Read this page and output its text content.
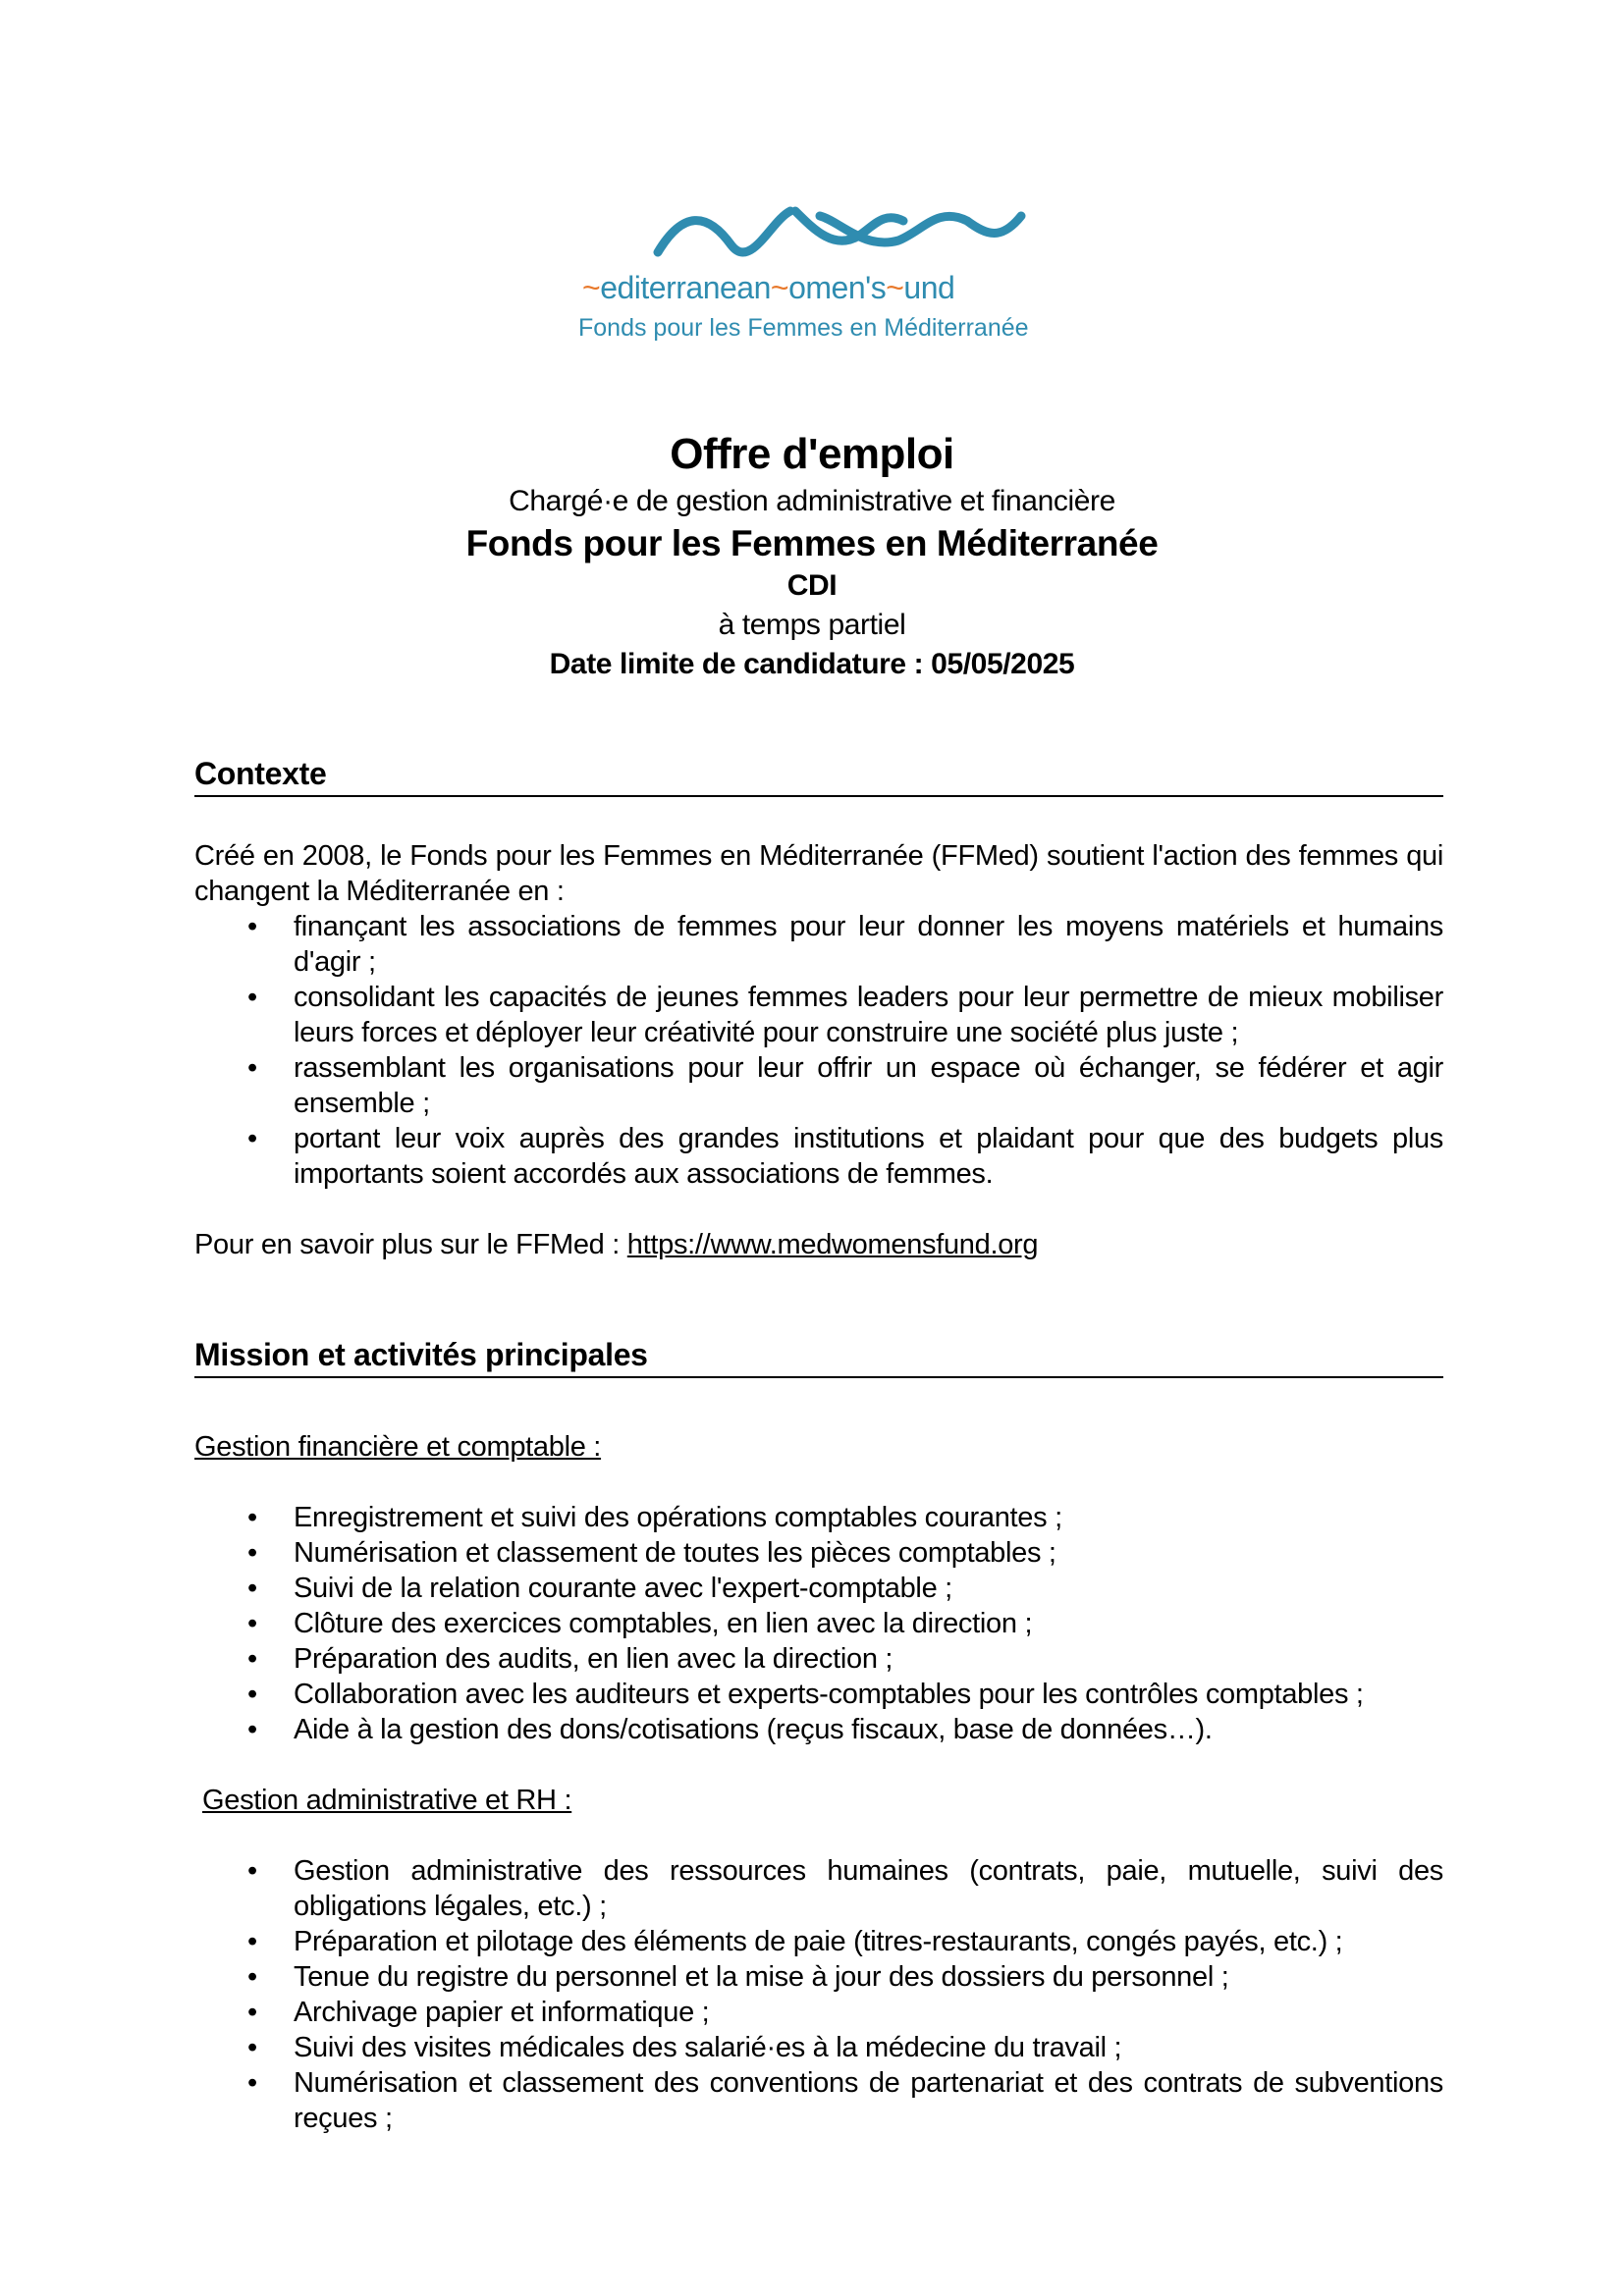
~editerranean~omen's~und
Fonds pour les Femmes en Méditerranée
Offre d'emploi
Chargé·e de gestion administrative et financière
Fonds pour les Femmes en Méditerranée
CDI
à temps partiel
Date limite de candidature : 05/05/2025
Contexte
Créé en 2008, le Fonds pour les Femmes en Méditerranée (FFMed) soutient l'action des femmes qui changent la Méditerranée en :
• finançant les associations de femmes pour leur donner les moyens matériels et humains d'agir ;
• consolidant les capacités de jeunes femmes leaders pour leur permettre de mieux mobiliser leurs forces et déployer leur créativité pour construire une société plus juste ;
• rassemblant les organisations pour leur offrir un espace où échanger, se fédérer et agir ensemble ;
• portant leur voix auprès des grandes institutions et plaidant pour que des budgets plus importants soient accordés aux associations de femmes.
Pour en savoir plus sur le FFMed : https://www.medwomensfund.org
Mission et activités principales
Gestion financière et comptable :
• Enregistrement et suivi des opérations comptables courantes ;
• Numérisation et classement de toutes les pièces comptables ;
• Suivi de la relation courante avec l'expert-comptable ;
• Clôture des exercices comptables, en lien avec la direction ;
• Préparation des audits, en lien avec la direction ;
• Collaboration avec les auditeurs et experts-comptables pour les contrôles comptables ;
• Aide à la gestion des dons/cotisations (reçus fiscaux, base de données…).
Gestion administrative et RH :
• Gestion administrative des ressources humaines (contrats, paie, mutuelle, suivi des obligations légales, etc.) ;
• Préparation et pilotage des éléments de paie (titres-restaurants, congés payés, etc.) ;
• Tenue du registre du personnel et la mise à jour des dossiers du personnel ;
• Archivage papier et informatique ;
• Suivi des visites médicales des salarié·es à la médecine du travail ;
• Numérisation et classement des conventions de partenariat et des contrats de subventions reçues ;
